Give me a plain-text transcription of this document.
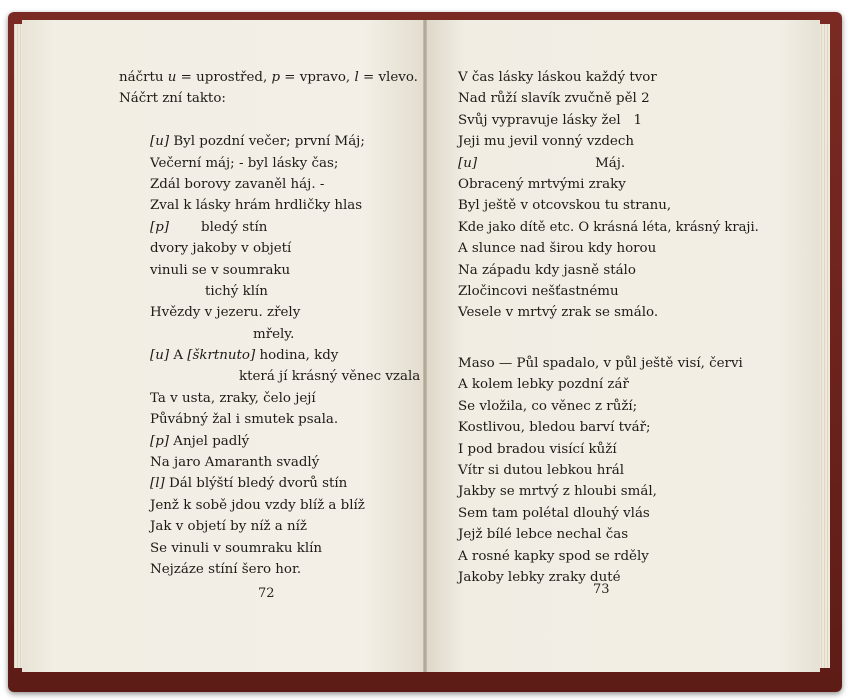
náčrtu u = uprostřed, p = vpravo, l = vlevo.
Náčrt zní takto:
[u] Byl pozdní večer; první Máj;
Večerní máj; - byl lásky čas;
Zdál borovy zavaněl háj. -
Zval k lásky hrám hrdličky hlas
[p] bledý stín
dvory jakoby v objetí
vinuli se v soumraku
tichý klín
Hvězdy v jezeru. zřely
mřely.
[u] A [škrtnuto] hodina, kdy
která jí krásný věnec vzala
Ta v usta, zraky, čelo její
Půvábný žal i smutek psala.
[p] Anjel padlý
Na jaro Amaranth svadlý
[l] Dál blýští bledý dvorů stín
Jenž k sobě jdou vzdy blíž a blíž
Jak v objetí by níž a níž
Se vinuli v soumraku klín
Nejzáze stíní šero hor.
72
V čas lásky láskou každý tvor
Nad růží slavík zvučně pěl 2
Svůj vypravuje lásky žel   1
Jeji mu jevil vonný vzdech
[u]	Máj.
Obracený mrtvými zraky
Byl ještě v otcovskou tu stranu,
Kde jako dítě etc. O krásná léta, krásný kraji.
A slunce nad širou kdy horou
Na západu kdy jasně stálo
Zločincovi nešťastnému
Vesele v mrtvý zrak se smálo.
Maso — Půl spadalo, v půl ještě visí, červi
A kolem lebky pozdní zář
Se vložila, co věnec z růží;
Kostlivou, bledou barví tvář;
I pod bradou visící kůží
Vítr si dutou lebkou hrál
Jakby se mrtvý z hloubi smál,
Sem tam polétal dlouhý vlás
Jejž bílé lebce nechal čas
A rosné kapky spod se rděly
Jakoby lebky zraky duté
73
